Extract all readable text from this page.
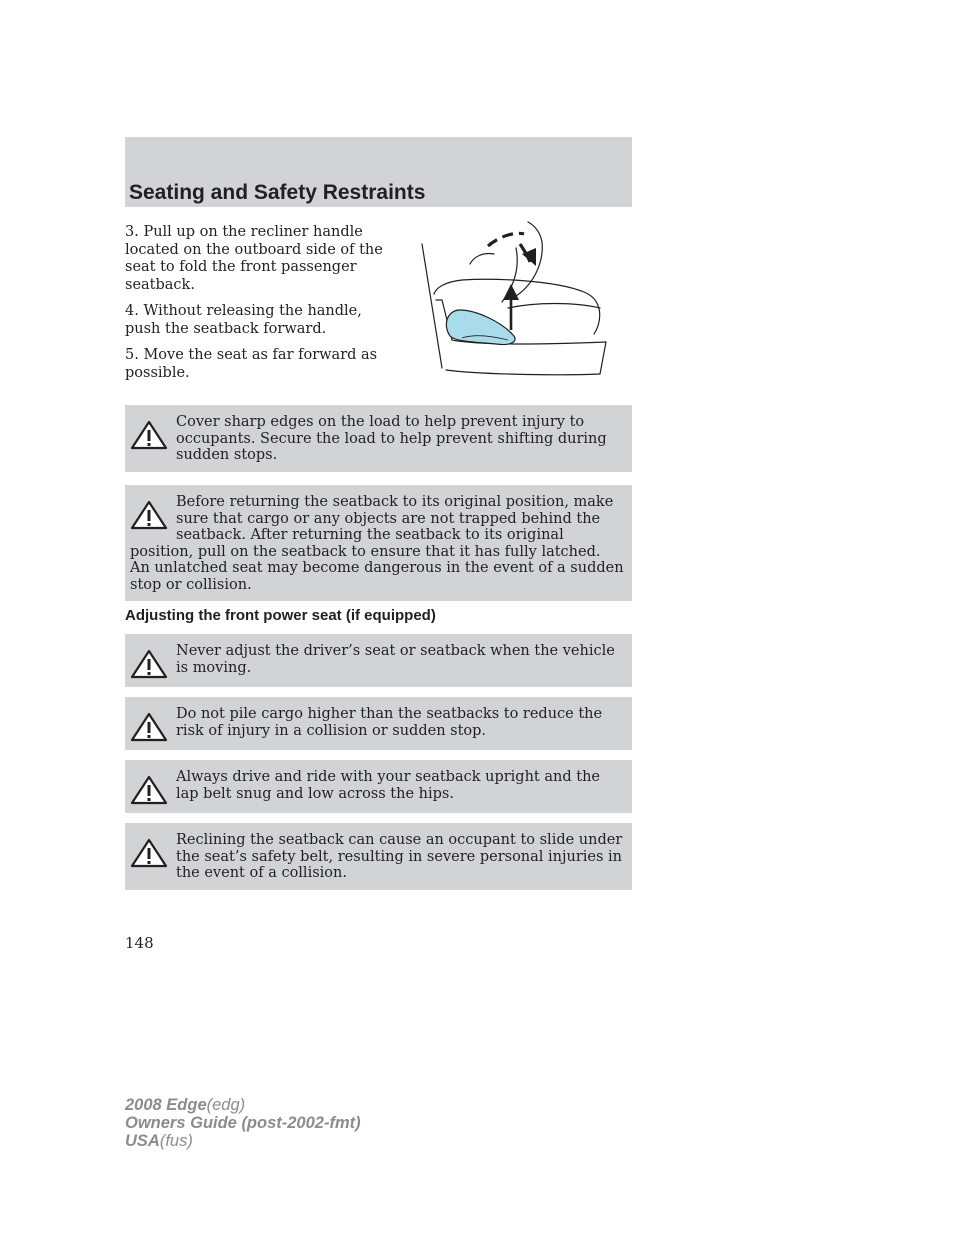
Seating and Safety Restraints

3. Pull up on the recliner handle located on the outboard side of the seat to fold the front passenger seatback.

4. Without releasing the handle, push the seatback forward.

5. Move the seat as far forward as possible.

Cover sharp edges on the load to help prevent injury to occupants. Secure the load to help prevent shifting during sudden stops.
Before returning the seatback to its original position, make sure that cargo or any objects are not trapped behind the seatback. After returning the seatback to its original position, pull on the seatback to ensure that it has fully latched. An unlatched seat may become dangerous in the event of a sudden stop or collision.
Adjusting the front power seat (if equipped)
Never adjust the driver’s seat or seatback when the vehicle is moving.
Do not pile cargo higher than the seatbacks to reduce the risk of injury in a collision or sudden stop.
Always drive and ride with your seatback upright and the lap belt snug and low across the hips.
Reclining the seatback can cause an occupant to slide under the seat’s safety belt, resulting in severe personal injuries in the event of a collision.
148
2008 Edge(edg)
Owners Guide (post-2002-fmt)
USA(fus)
